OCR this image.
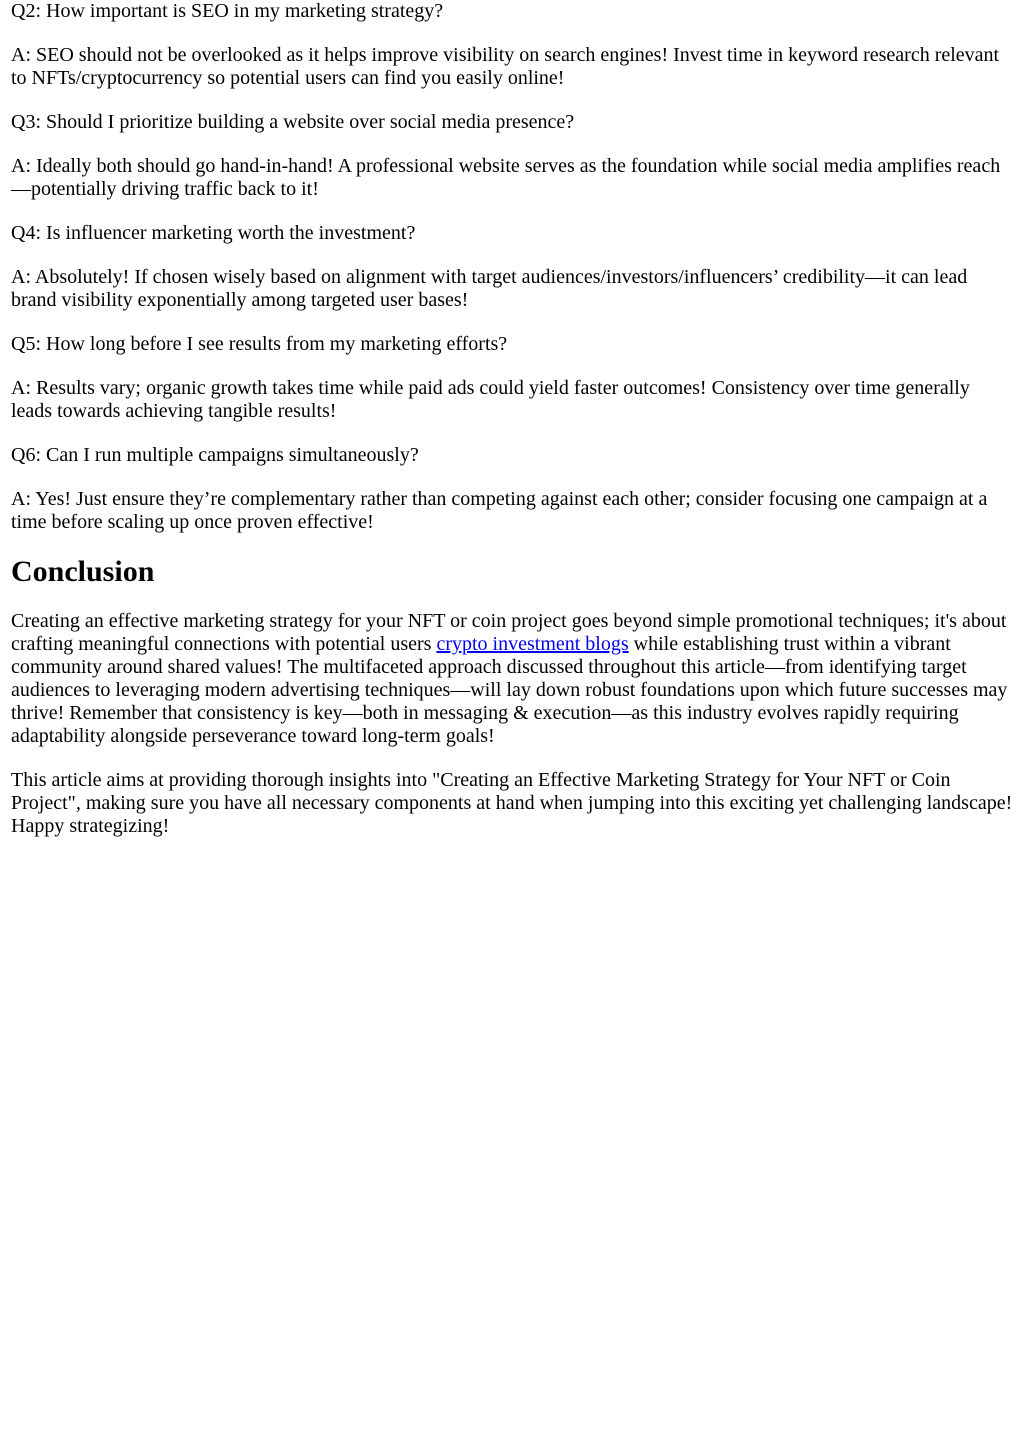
Q2: How important is SEO in my marketing strategy?

A: SEO should not be overlooked as it helps improve visibility on search engines! Invest time in keyword research relevant to NFTs/cryptocurrency so potential users can find you easily online!

Q3: Should I prioritize building a website over social media presence?

A: Ideally both should go hand-in-hand! A professional website serves as the foundation while social media amplifies reach—potentially driving traffic back to it!

Q4: Is influencer marketing worth the investment?

A: Absolutely! If chosen wisely based on alignment with target audiences/investors/influencers’ credibility—it can lead brand visibility exponentially among targeted user bases!

Q5: How long before I see results from my marketing efforts?

A: Results vary; organic growth takes time while paid ads could yield faster outcomes! Consistency over time generally leads towards achieving tangible results!

Q6: Can I run multiple campaigns simultaneously?

A: Yes! Just ensure they’re complementary rather than competing against each other; consider focusing one campaign at a time before scaling up once proven effective!

Conclusion

Creating an effective marketing strategy for your NFT or coin project goes beyond simple promotional techniques; it's about crafting meaningful connections with potential users crypto investment blogs while establishing trust within a vibrant community around shared values! The multifaceted approach discussed throughout this article—from identifying target audiences to leveraging modern advertising techniques—will lay down robust foundations upon which future successes may thrive! Remember that consistency is key—both in messaging & execution—as this industry evolves rapidly requiring adaptability alongside perseverance toward long-term goals!

This article aims at providing thorough insights into "Creating an Effective Marketing Strategy for Your NFT or Coin Project", making sure you have all necessary components at hand when jumping into this exciting yet challenging landscape! Happy strategizing!
